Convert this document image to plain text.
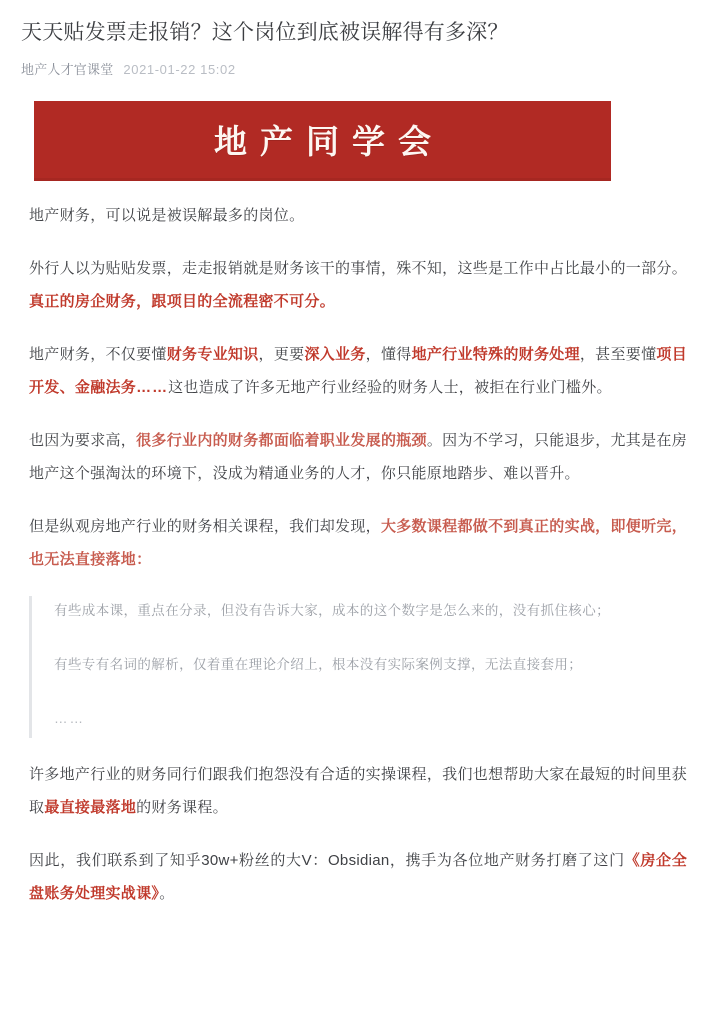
天天贴发票走报销？这个岗位到底被误解得有多深？
地产人才官课堂 2021-01-22 15:02
地产同学会

地产财务，可以说是被误解最多的岗位。

外行人以为贴贴发票，走走报销就是财务该干的事情，殊不知，这些是工作中占比最小的一部分。真正的房企财务，跟项目的全流程密不可分。

地产财务，不仅要懂财务专业知识，更要深入业务，懂得地产行业特殊的财务处理，甚至要懂项目开发、金融法务……这也造成了许多无地产行业经验的财务人士，被拒在行业门槛外。

也因为要求高，很多行业内的财务都面临着职业发展的瓶颈。因为不学习，只能退步，尤其是在房地产这个强淘汰的环境下，没成为精通业务的人才，你只能原地踏步、难以晋升。

但是纵观房地产行业的财务相关课程，我们却发现，大多数课程都做不到真正的实战，即便听完，也无法直接落地：

有些成本课，重点在分录，但没有告诉大家，成本的这个数字是怎么来的，没有抓住核心；

有些专有名词的解析，仅着重在理论介绍上，根本没有实际案例支撑，无法直接套用；

……

许多地产行业的财务同行们跟我们抱怨没有合适的实操课程，我们也想帮助大家在最短的时间里获取最直接最落地的财务课程。

因此，我们联系到了知乎30w+粉丝的大V：Obsidian，携手为各位地产财务打磨了这门《房企全盘账务处理实战课》。
